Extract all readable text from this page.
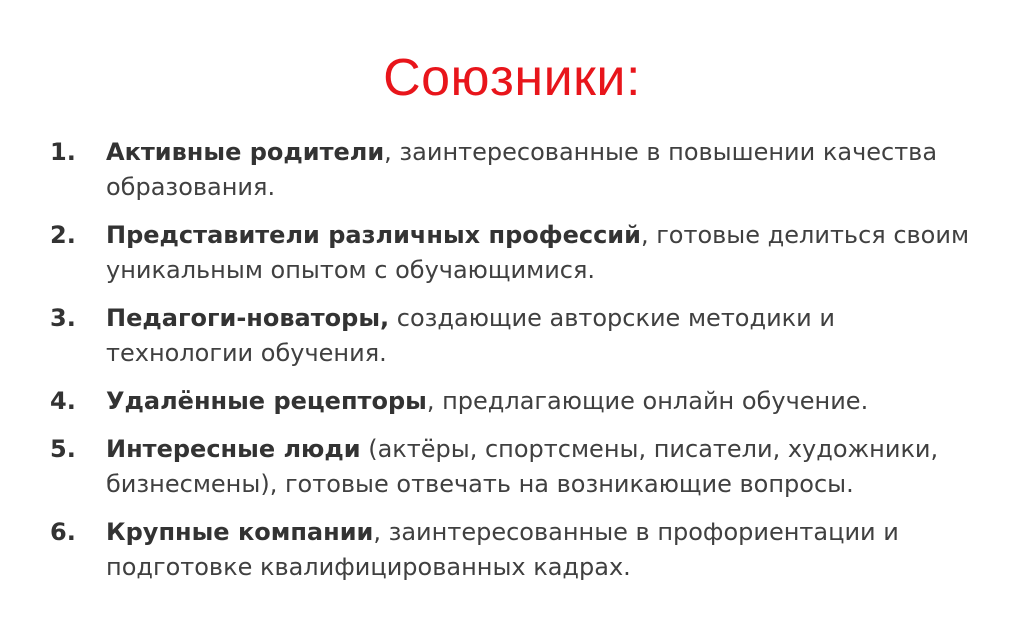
Союзники:
1. Активные родители, заинтересованные в повышении качества образования.
2. Представители различных профессий, готовые делиться своим уникальным опытом с обучающимися.
3. Педагоги-новаторы, создающие авторские методики и технологии обучения.
4. Удалённые рецепторы, предлагающие онлайн обучение.
5. Интересные люди (актёры, спортсмены, писатели, художники, бизнесмены), готовые отвечать на возникающие вопросы.
6. Крупные компании, заинтересованные в профориентации и подготовке квалифицированных кадрах.
